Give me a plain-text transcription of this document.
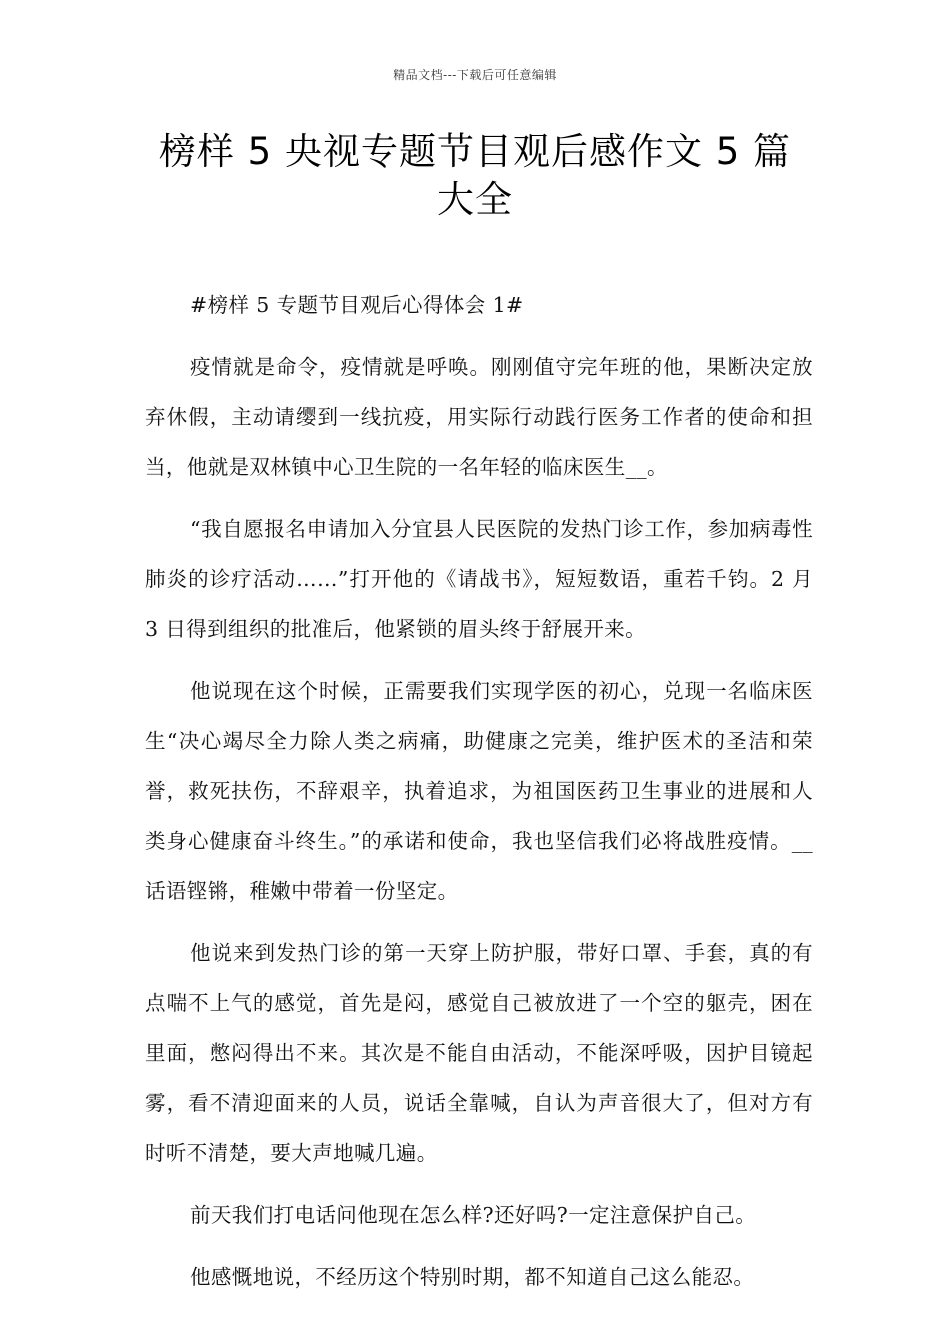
精品文档---下载后可任意编辑
榜样 5 央视专题节目观后感作文 5 篇大全

#榜样 5 专题节目观后心得体会 1#

疫情就是命令，疫情就是呼唤。刚刚值守完年班的他，果断决定放弃休假，主动请缨到一线抗疫，用实际行动践行医务工作者的使命和担当，他就是双林镇中心卫生院的一名年轻的临床医生__。

“我自愿报名申请加入分宜县人民医院的发热门诊工作，参加病毒性肺炎的诊疗活动……”打开他的《请战书》，短短数语，重若千钧。2 月 3 日得到组织的批准后，他紧锁的眉头终于舒展开来。

他说现在这个时候，正需要我们实现学医的初心，兑现一名临床医生“决心竭尽全力除人类之病痛，助健康之完美，维护医术的圣洁和荣誉，救死扶伤，不辞艰辛，执着追求，为祖国医药卫生事业的进展和人类身心健康奋斗终生。”的承诺和使命，我也坚信我们必将战胜疫情。__话语铿锵，稚嫩中带着一份坚定。

他说来到发热门诊的第一天穿上防护服，带好口罩、手套，真的有点喘不上气的感觉，首先是闷，感觉自己被放进了一个空的躯壳，困在里面，憋闷得出不来。其次是不能自由活动，不能深呼吸，因护目镜起雾，看不清迎面来的人员，说话全靠喊，自认为声音很大了，但对方有时听不清楚，要大声地喊几遍。

前天我们打电话问他现在怎么样?还好吗?一定注意保护自己。

他感慨地说，不经历这个特别时期，都不知道自己这么能忍。
